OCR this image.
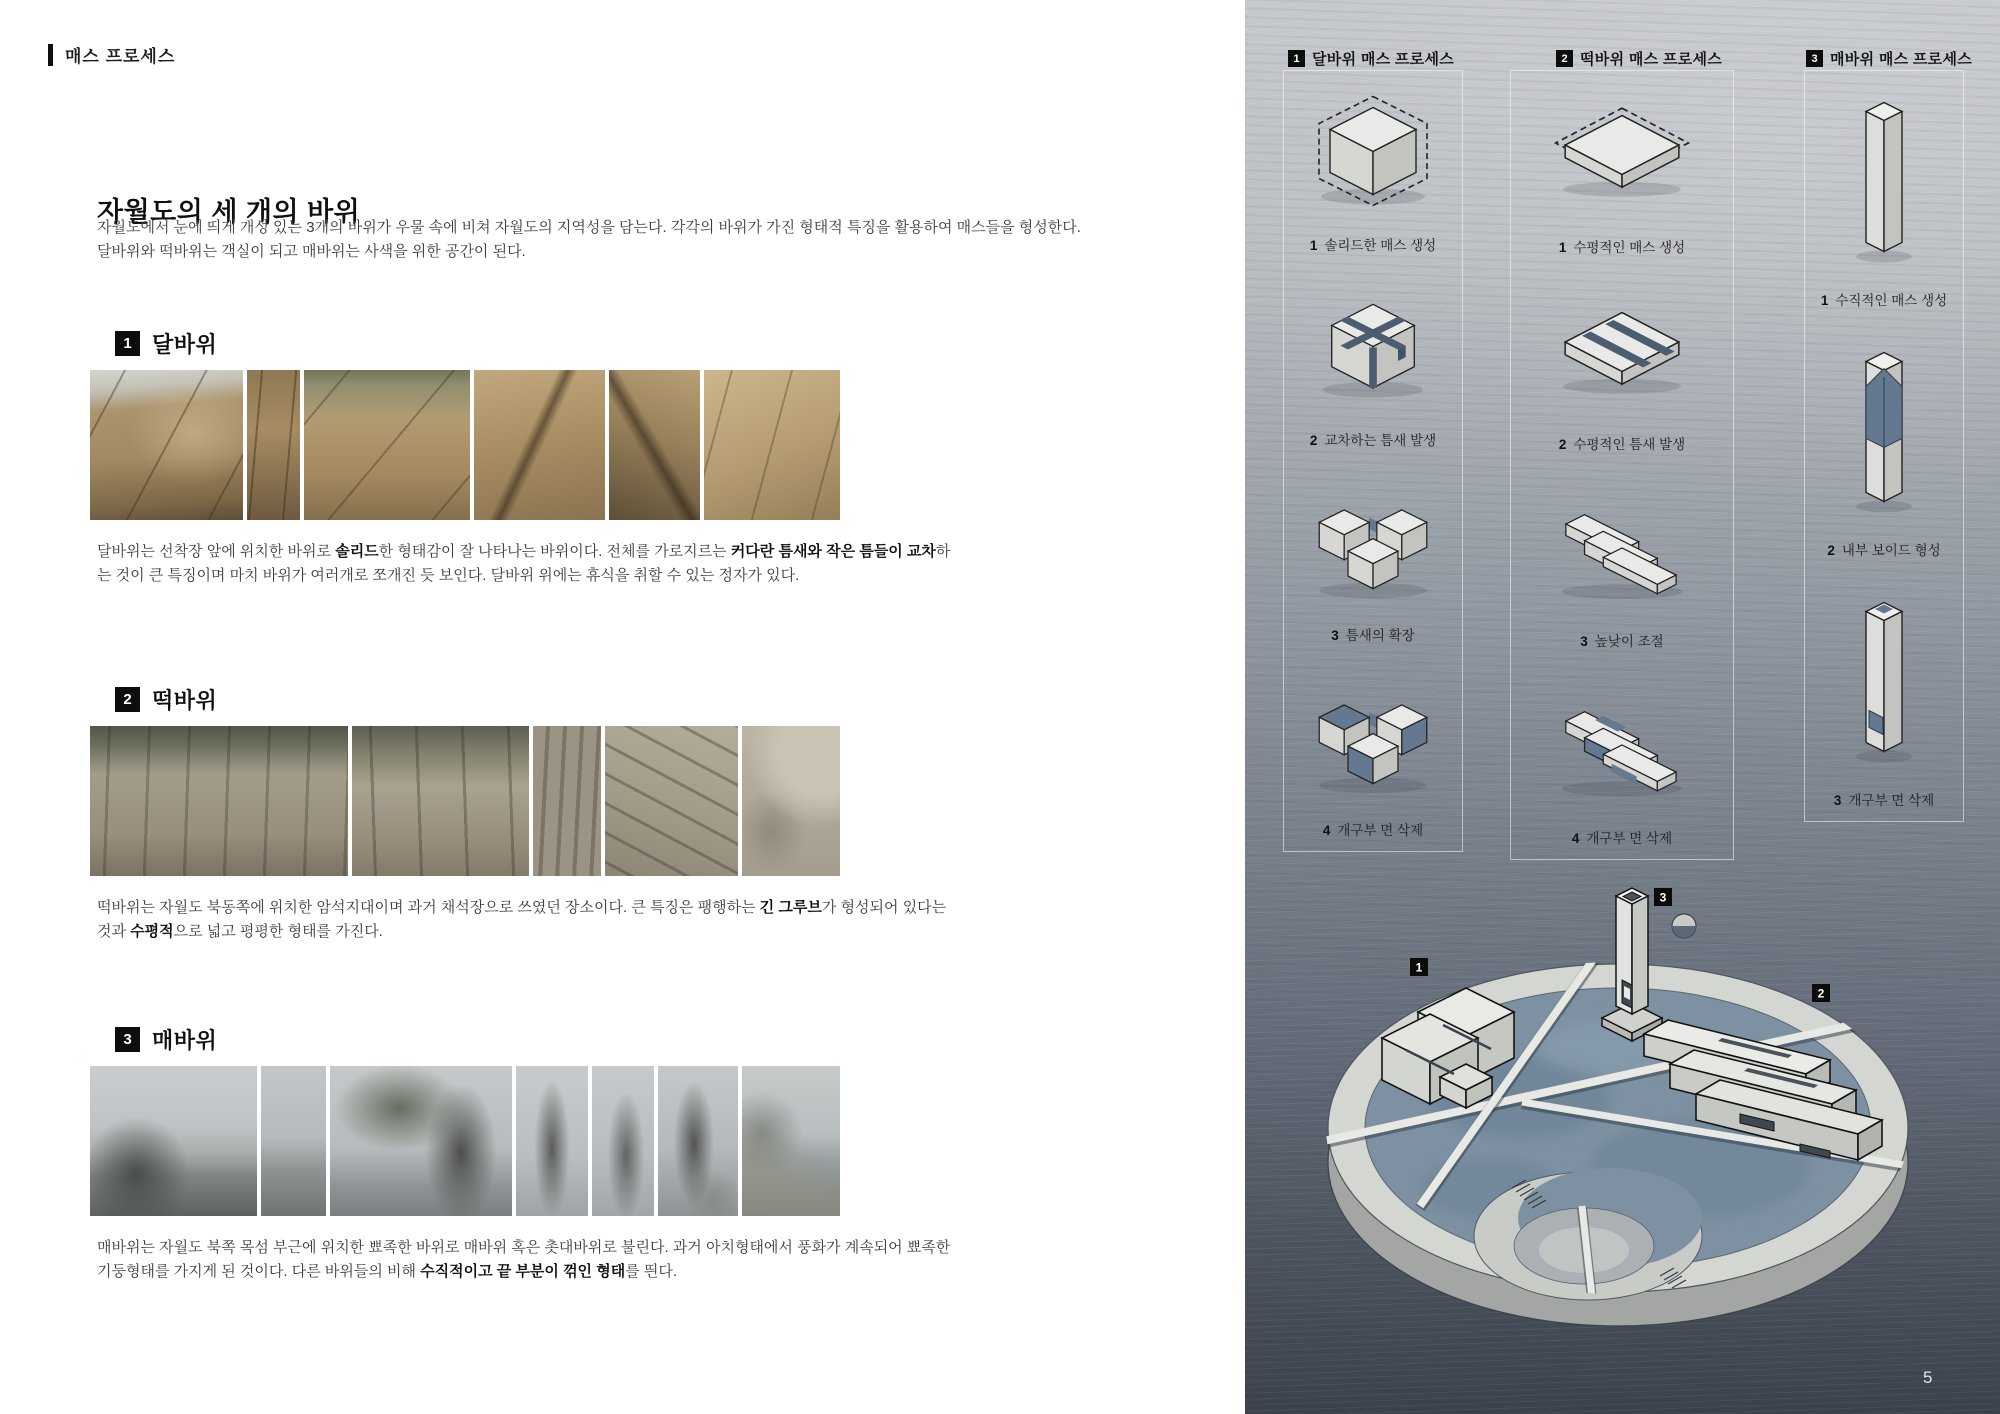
매스 프로세스
자월도의 세 개의 바위
자월도에서 눈에 띄게 개성 있는 3개의 바위가 우물 속에 비쳐 자월도의 지역성을 담는다. 각각의 바위가 가진 형태적 특징을 활용하여 매스들을 형성한다.
달바위와 떡바위는 객실이 되고 매바위는 사색을 위한 공간이 된다.
1 달바위

달바위는 선착장 앞에 위치한 바위로 솔리드한 형태감이 잘 나타나는 바위이다. 전체를 가로지르는 커다란 틈새와 작은 틈들이 교차하는 것이 큰 특징이며 마치 바위가 여러개로 쪼개진 듯 보인다. 달바위 위에는 휴식을 취할 수 있는 정자가 있다.

2 떡바위

떡바위는 자월도 북동쪽에 위치한 암석지대이며 과거 채석장으로 쓰였던 장소이다. 큰 특징은 팽행하는 긴 그루브가 형성되어 있다는 것과 수평적으로 넓고 평평한 형태를 가진다.

3 매바위

매바위는 자월도 북쪽 목섬 부근에 위치한 뾰족한 바위로 매바위 혹은 촛대바위로 불린다. 과거 아치형태에서 풍화가 계속되어 뾰족한 기둥형태를 가지게 된 것이다. 다른 바위들의 비해 수직적이고 끝 부분이 꺾인 형태를 띈다.

1 달바위 매스 프로세스	2 떡바위 매스 프로세스	3 매바위 매스 프로세스
1 솔리드한 매스 생성
2 교차하는 틈새 발생
3 틈새의 확장
4 개구부 면 삭제
1 수평적인 매스 생성
2 수평적인 틈새 발생
3 높낮이 조절
4 개구부 면 삭제
1 수직적인 매스 생성
2 내부 보이드 형성
3 개구부 면 삭제
1
2
3
5
